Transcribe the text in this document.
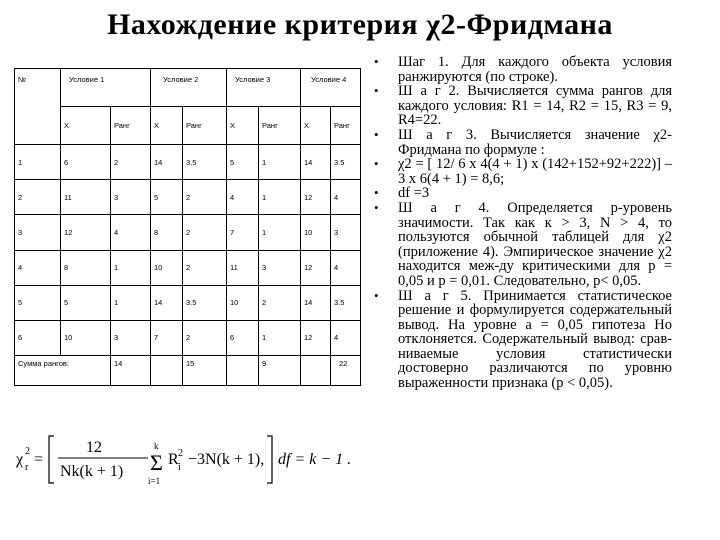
Нахождение критерия χ2-Фридмана
№	Условие 1		Условие 2		Условие 3		Условие 4	
	Х	Ранг	Х	Ранг	Х	Ранг	Х	Ранг
1	6	2	14	3.5	5	1	14	3.5
2	11	3	5	2	4	1	12	4
3	12	4	8	2	7	1	10	3
4	8	1	10	2	11	3	12	4
5	5	1	14	3.5	10	2	14	3.5
6	10	3	7	2	6	1	12	4
Сумма рангов:		14		15		9		22
χ 2
r =
12
Nk(k + 1)
k
Σ
i=1
R 2
i −3N(k + 1), df = k − 1 .
• Шаг 1. Для каждого объекта условия ранжируются (по строке).
• Ш а г 2. Вычисляется сумма рангов для каждого условия: R1 = 14, R2 = 15, R3 = 9, R4=22.
• Ш а г 3. Вычисляется значение χ2-Фридмана по формуле :
• χ2 = [ 12/ 6 х 4(4 + 1) х (142+152+92+222)] –3 х 6(4 + 1) = 8,6;
• df =3
• Ш а г 4. Определяется р-уровень значимости. Так как к > 3, N > 4, то пользуются обычной таблицей для χ2 (приложение 4). Эмпирическое значение χ2 находится меж-ду критическими для р = 0,05 и р = 0,01. Следовательно, р< 0,05.
• Ш а г 5. Принимается статистическое решение и формулируется содержательный вывод. На уровне а = 0,05 гипотеза Но отклоняется. Содержательный вывод: срав-ниваемые условия статистически достоверно различаются по уровню выраженности признака (р < 0,05).
